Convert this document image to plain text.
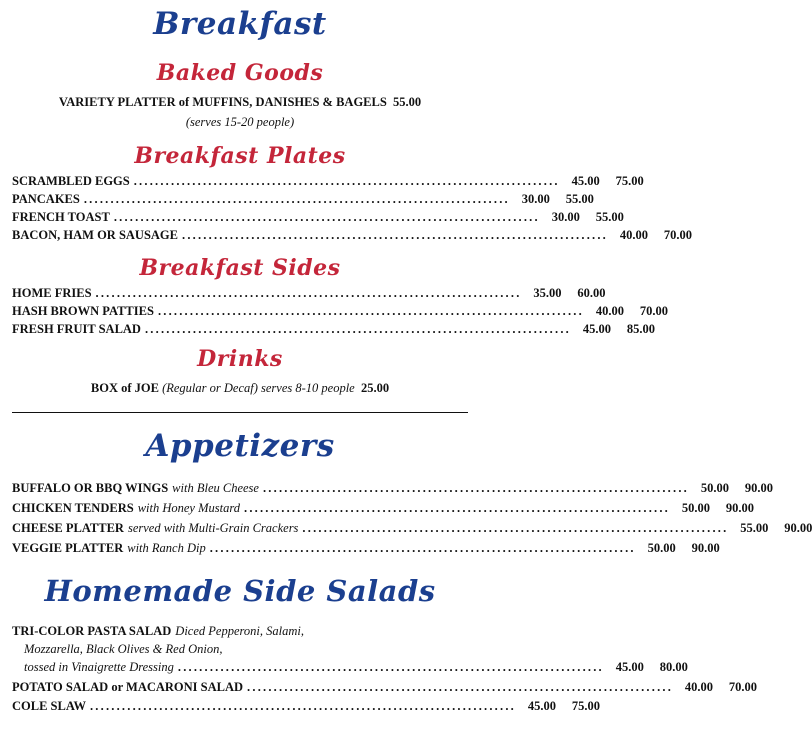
Breakfast
Baked Goods
VARIETY PLATTER of MUFFINS, DANISHES & BAGELS 55.00
(serves 15-20 people)
Breakfast Plates
SCRAMBLED EGGS ................................................................................ 45.00	75.00
PANCAKES ................................................................................ 30.00	55.00
FRENCH TOAST ................................................................................ 30.00	55.00
BACON, HAM OR SAUSAGE ................................................................................ 40.00	70.00
Breakfast Sides
HOME FRIES ................................................................................ 35.00	60.00
HASH BROWN PATTIES ................................................................................ 40.00	70.00
FRESH FRUIT SALAD ................................................................................ 45.00	85.00
Drinks
BOX of JOE (Regular or Decaf) serves 8-10 people 25.00
Appetizers
BUFFALO OR BBQ WINGS with Bleu Cheese ................................................................................ 50.00	90.00
CHICKEN TENDERS with Honey Mustard ................................................................................ 50.00	90.00
CHEESE PLATTER served with Multi-Grain Crackers ................................................................................ 55.00	90.00
VEGGIE PLATTER with Ranch Dip ................................................................................ 50.00	90.00
Homemade Side Salads
TRI-COLOR PASTA SALAD Diced Pepperoni, Salami,
Mozzarella, Black Olives & Red Onion,
tossed in Vinaigrette Dressing ................................................................................ 45.00	80.00
POTATO SALAD or MACARONI SALAD ................................................................................ 40.00	70.00
COLE SLAW ................................................................................ 45.00	75.00
